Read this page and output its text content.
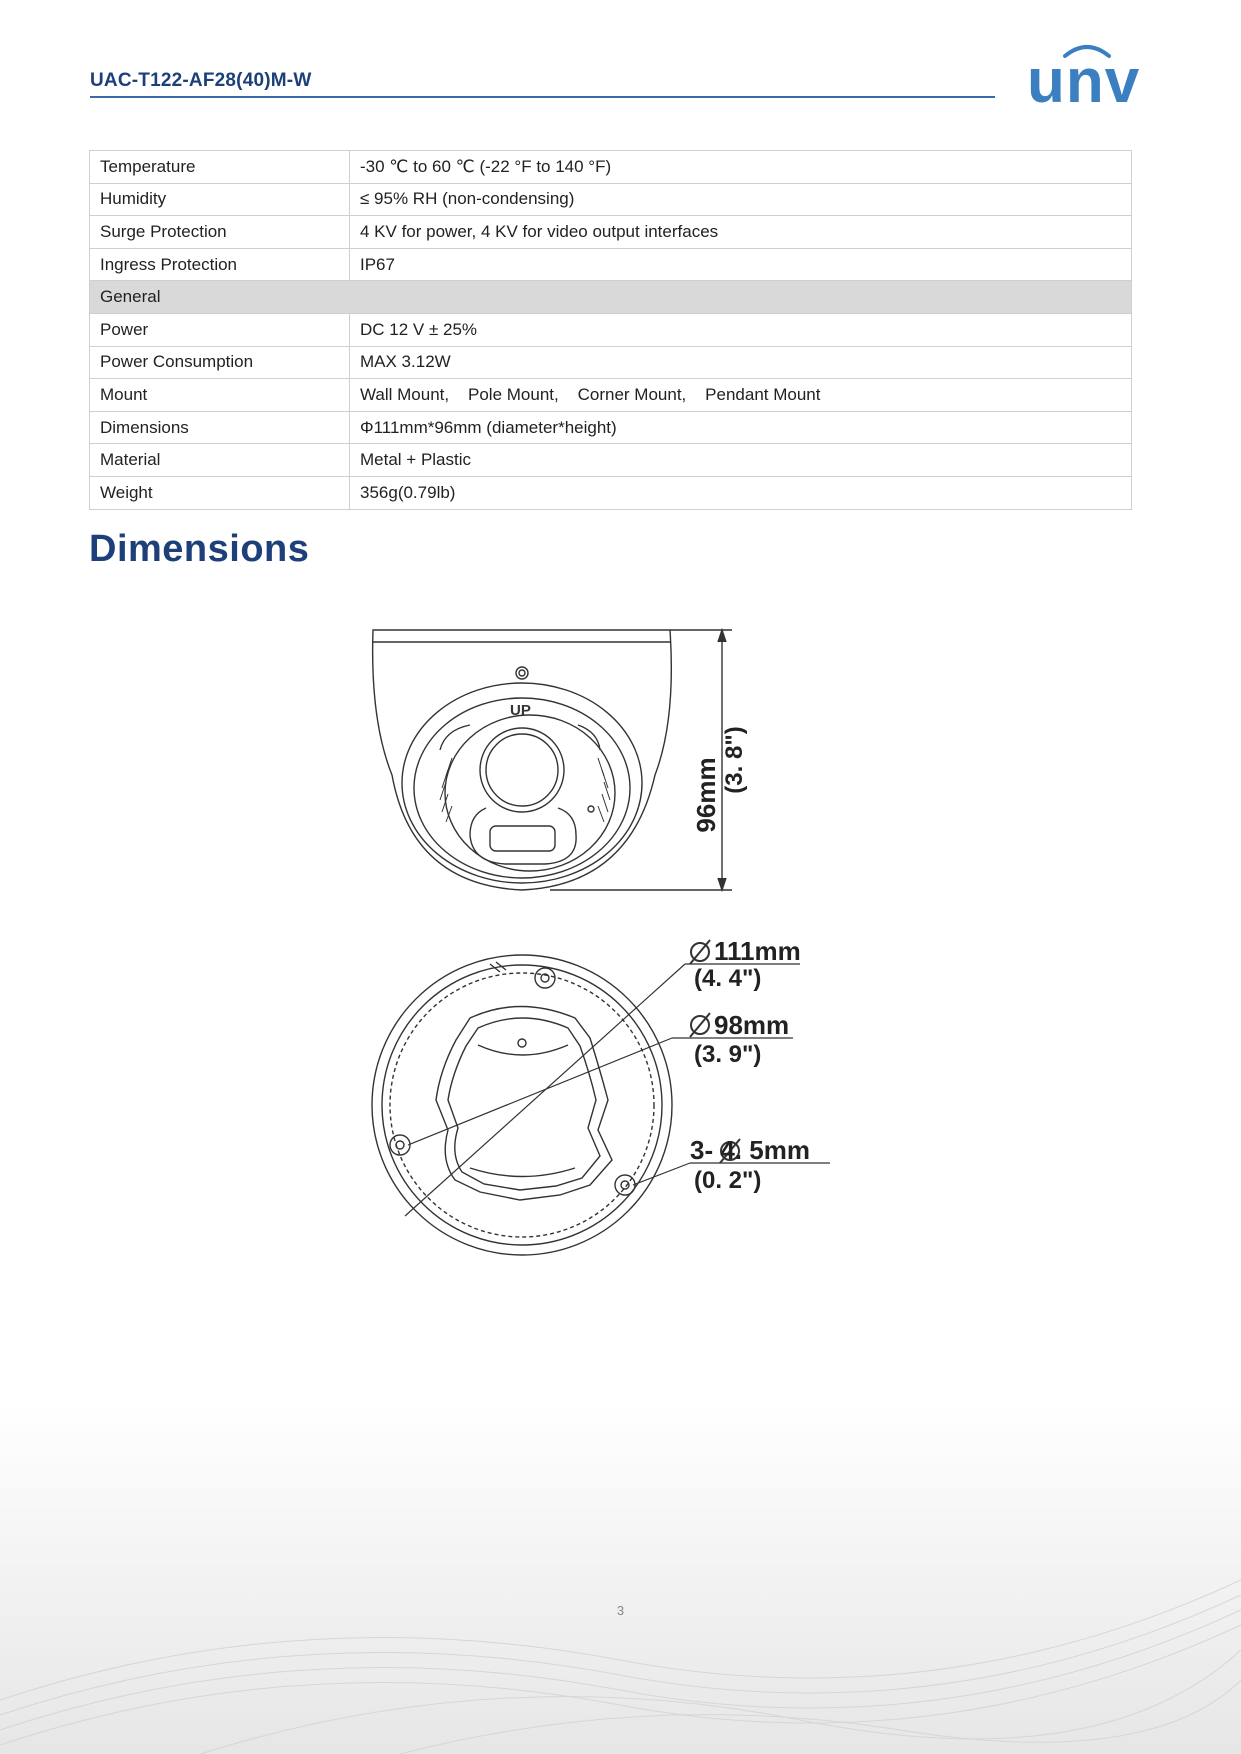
UAC-T122-AF28(40)M-W	unv
Temperature	-30 ℃ to 60 ℃ (-22 °F to 140 °F)
Humidity	≤ 95% RH (non-condensing)
Surge Protection	4 KV for power, 4 KV for video output interfaces
Ingress Protection	IP67
General	
Power	DC 12 V ± 25%
Power Consumption	MAX 3.12W
Mount	Wall Mount,    Pole Mount,    Corner Mount,    Pendant Mount
Dimensions	Φ111mm*96mm (diameter*height)
Material	Metal + Plastic
Weight	356g(0.79lb)
Dimensions
UP
96mm (3. 8")
111mm
(4. 4")
98mm
(3. 9")
3- 4. 5mm
(0. 2")
3
